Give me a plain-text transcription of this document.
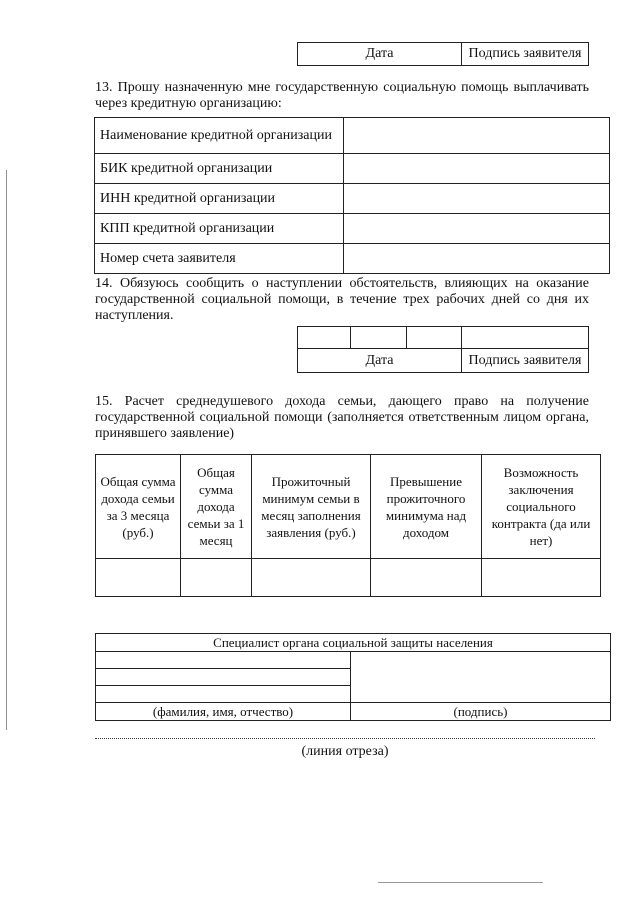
Дата	Подпись заявителя
13. Прошу назначенную мне государственную социальную помощь выплачивать через кредитную организацию:
Наименование кредитной организации	
БИК кредитной организации	
ИНН кредитной организации	
КПП кредитной организации	
Номер счета заявителя	
14. Обязуюсь сообщить о наступлении обстоятельств, влияющих на оказание государственной социальной помощи, в течение трех рабочих дней со дня их наступления.

Дата			Подпись заявителя
15. Расчет среднедушевого дохода семьи, дающего право на получение государственной социальной помощи (заполняется ответственным лицом органа, принявшего заявление)
Общая сумма дохода семьи за 3 месяца (руб.)	Общая сумма дохода семьи за 1 месяц	Прожиточный минимум семьи в месяц заполнения заявления (руб.)	Превышение прожиточного минимума над доходом	Возможность заключения социального контракта (да или нет)

Специалист органа социальной защиты населения	

(фамилия, имя, отчество)	(подпись)
(линия отреза)
